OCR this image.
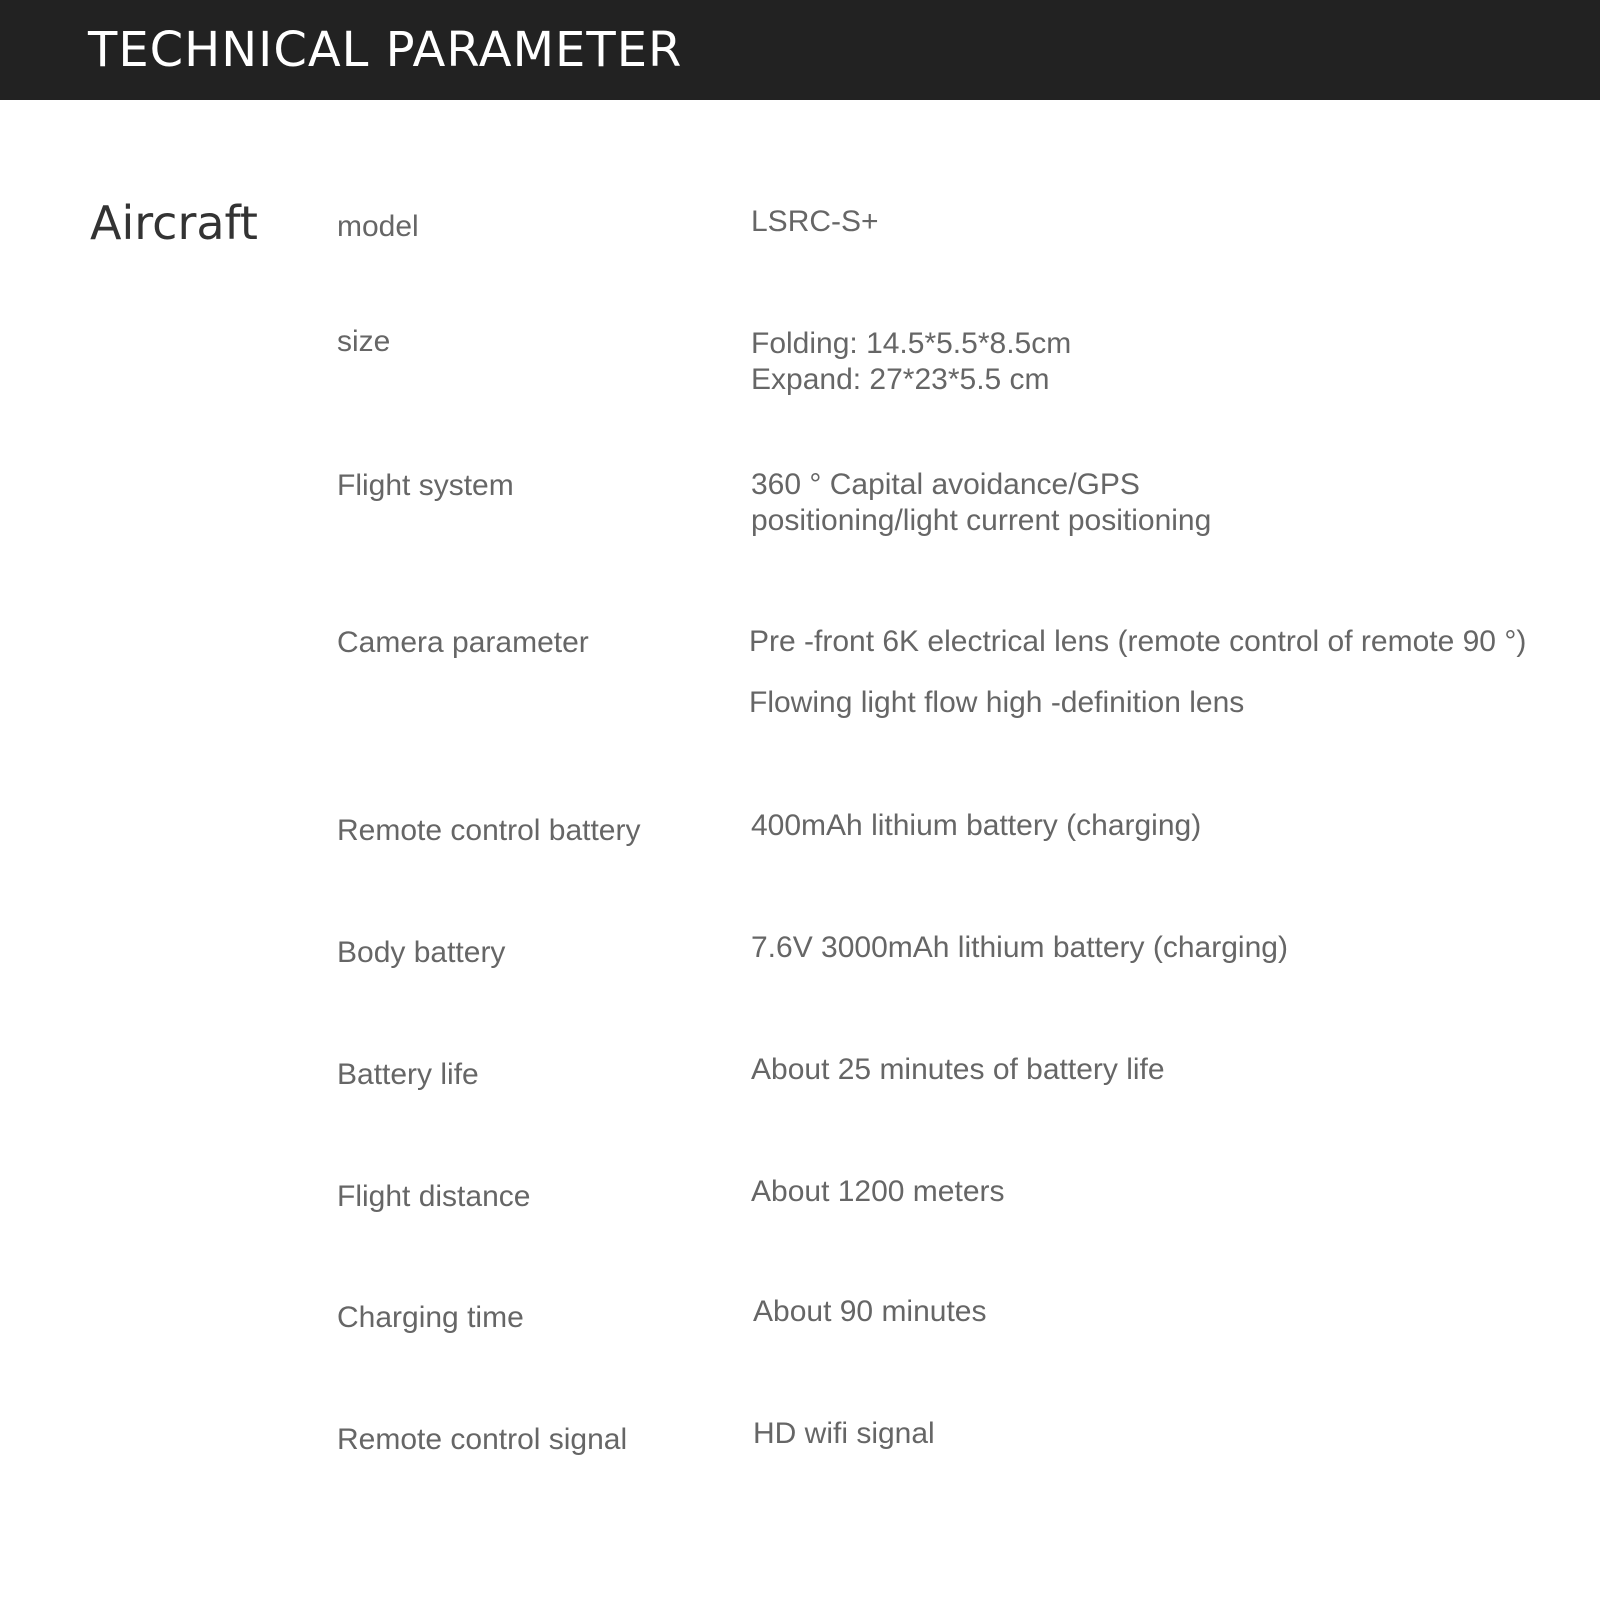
TECHNICAL PARAMETER
Aircraft	model	LSRC-S+
size	Folding: 14.5*5.5*8.5cm
Expand: 27*23*5.5 cm
Flight system	360 ° Capital avoidance/GPS
positioning/light current positioning
Camera parameter	Pre -front 6K electrical lens (remote control of remote 90 °)
Flowing light flow high -definition lens
Remote control battery	400mAh lithium battery (charging)
Body battery	7.6V 3000mAh lithium battery (charging)
Battery life	About 25 minutes of battery life
Flight distance	About 1200 meters
Charging time	About 90 minutes
Remote control signal	HD wifi signal
